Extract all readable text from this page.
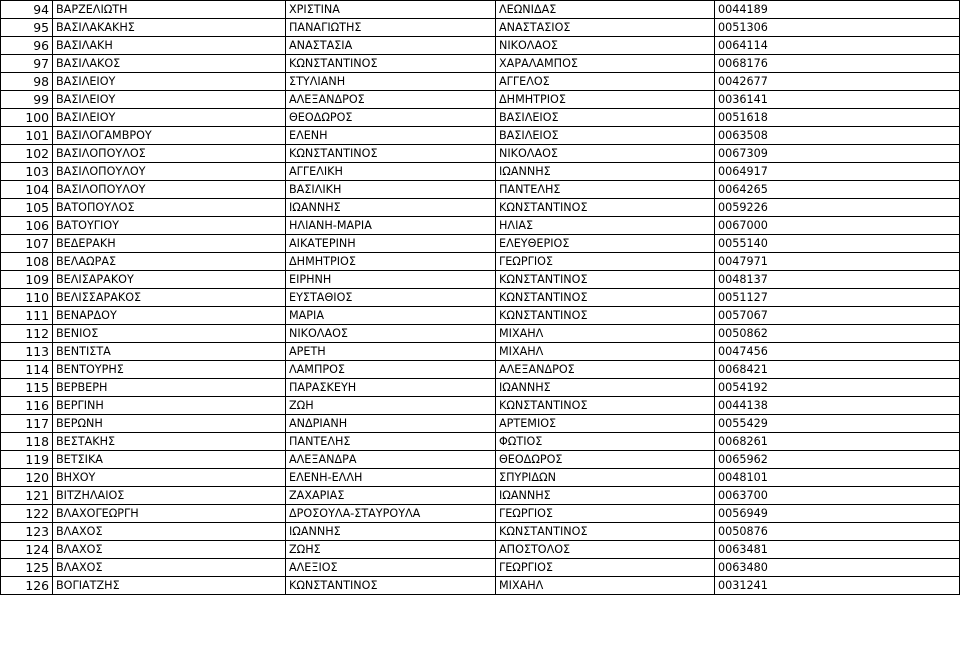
94	ΒΑΡΖΕΛΙΩΤΗ	ΧΡΙΣΤΙΝΑ	ΛΕΩΝΙΔΑΣ	0044189
95	ΒΑΣΙΛΑΚΑΚΗΣ	ΠΑΝΑΓΙΩΤΗΣ	ΑΝΑΣΤΑΣΙΟΣ	0051306
96	ΒΑΣΙΛΑΚΗ	ΑΝΑΣΤΑΣΙΑ	ΝΙΚΟΛΑΟΣ	0064114
97	ΒΑΣΙΛΑΚΟΣ	ΚΩΝΣΤΑΝΤΙΝΟΣ	ΧΑΡΑΛΑΜΠΟΣ	0068176
98	ΒΑΣΙΛΕΙΟΥ	ΣΤΥΛΙΑΝΗ	ΑΓΓΕΛΟΣ	0042677
99	ΒΑΣΙΛΕΙΟΥ	ΑΛΕΞΑΝΔΡΟΣ	ΔΗΜΗΤΡΙΟΣ	0036141
100	ΒΑΣΙΛΕΙΟΥ	ΘΕΟΔΩΡΟΣ	ΒΑΣΙΛΕΙΟΣ	0051618
101	ΒΑΣΙΛΟΓΑΜΒΡΟΥ	ΕΛΕΝΗ	ΒΑΣΙΛΕΙΟΣ	0063508
102	ΒΑΣΙΛΟΠΟΥΛΟΣ	ΚΩΝΣΤΑΝΤΙΝΟΣ	ΝΙΚΟΛΑΟΣ	0067309
103	ΒΑΣΙΛΟΠΟΥΛΟΥ	ΑΓΓΕΛΙΚΗ	ΙΩΑΝΝΗΣ	0064917
104	ΒΑΣΙΛΟΠΟΥΛΟΥ	ΒΑΣΙΛΙΚΗ	ΠΑΝΤΕΛΗΣ	0064265
105	ΒΑΤΟΠΟΥΛΟΣ	ΙΩΑΝΝΗΣ	ΚΩΝΣΤΑΝΤΙΝΟΣ	0059226
106	ΒΑΤΟΥΓΙΟΥ	ΗΛΙΑΝΗ-ΜΑΡΙΑ	ΗΛΙΑΣ	0067000
107	ΒΕΔΕΡΑΚΗ	ΑΙΚΑΤΕΡΙΝΗ	ΕΛΕΥΘΕΡΙΟΣ	0055140
108	ΒΕΛΑΩΡΑΣ	ΔΗΜΗΤΡΙΟΣ	ΓΕΩΡΓΙΟΣ	0047971
109	ΒΕΛΙΣΑΡΑΚΟΥ	ΕΙΡΗΝΗ	ΚΩΝΣΤΑΝΤΙΝΟΣ	0048137
110	ΒΕΛΙΣΣΑΡΑΚΟΣ	ΕΥΣΤΑΘΙΟΣ	ΚΩΝΣΤΑΝΤΙΝΟΣ	0051127
111	ΒΕΝΑΡΔΟΥ	ΜΑΡΙΑ	ΚΩΝΣΤΑΝΤΙΝΟΣ	0057067
112	ΒΕΝΙΟΣ	ΝΙΚΟΛΑΟΣ	ΜΙΧΑΗΛ	0050862
113	ΒΕΝΤΙΣΤΑ	ΑΡΕΤΗ	ΜΙΧΑΗΛ	0047456
114	ΒΕΝΤΟΥΡΗΣ	ΛΑΜΠΡΟΣ	ΑΛΕΞΑΝΔΡΟΣ	0068421
115	ΒΕΡΒΕΡΗ	ΠΑΡΑΣΚΕΥΗ	ΙΩΑΝΝΗΣ	0054192
116	ΒΕΡΓΙΝΗ	ΖΩΗ	ΚΩΝΣΤΑΝΤΙΝΟΣ	0044138
117	ΒΕΡΩΝΗ	ΑΝΔΡΙΑΝΗ	ΑΡΤΕΜΙΟΣ	0055429
118	ΒΕΣΤΑΚΗΣ	ΠΑΝΤΕΛΗΣ	ΦΩΤΙΟΣ	0068261
119	ΒΕΤΣΙΚΑ	ΑΛΕΞΑΝΔΡΑ	ΘΕΟΔΩΡΟΣ	0065962
120	ΒΗΧΟΥ	ΕΛΕΝΗ-ΕΛΛΗ	ΣΠΥΡΙΔΩΝ	0048101
121	ΒΙΤΖΗΛΑΙΟΣ	ΖΑΧΑΡΙΑΣ	ΙΩΑΝΝΗΣ	0063700
122	ΒΛΑΧΟΓΕΩΡΓΗ	ΔΡΟΣΟΥΛΑ-ΣΤΑΥΡΟΥΛΑ	ΓΕΩΡΓΙΟΣ	0056949
123	ΒΛΑΧΟΣ	ΙΩΑΝΝΗΣ	ΚΩΝΣΤΑΝΤΙΝΟΣ	0050876
124	ΒΛΑΧΟΣ	ΖΩΗΣ	ΑΠΟΣΤΟΛΟΣ	0063481
125	ΒΛΑΧΟΣ	ΑΛΕΞΙΟΣ	ΓΕΩΡΓΙΟΣ	0063480
126	ΒΟΓΙΑΤΖΗΣ	ΚΩΝΣΤΑΝΤΙΝΟΣ	ΜΙΧΑΗΛ	0031241
